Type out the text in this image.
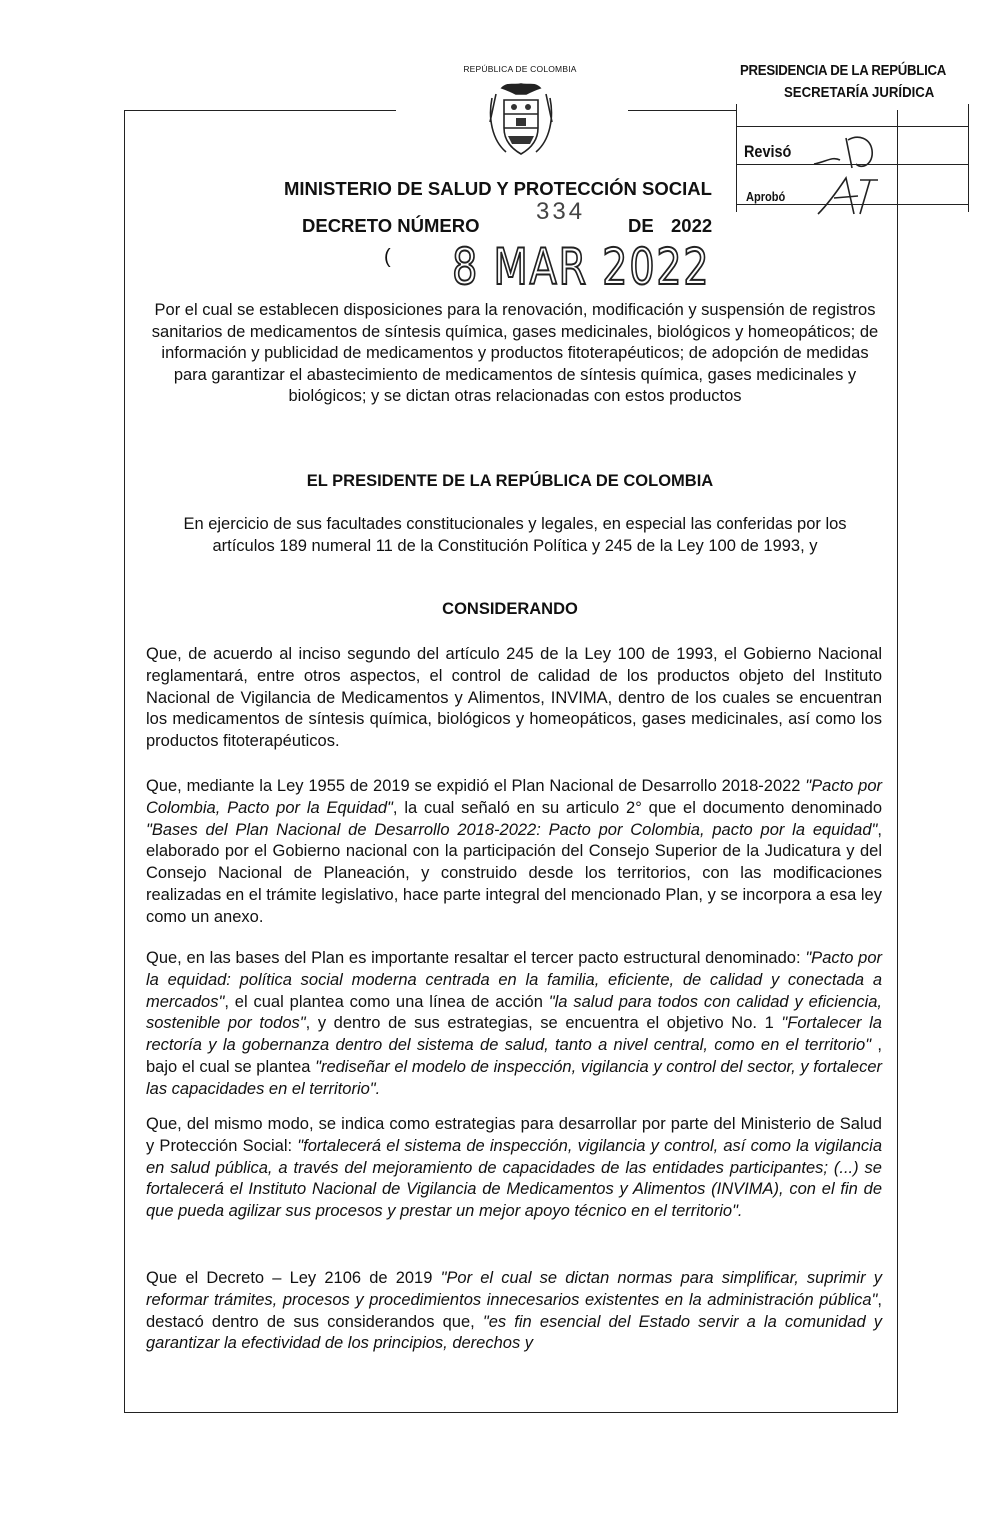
REPÚBLICA DE COLOMBIA	PRESIDENCIA DE LA REPÚBLICA
SECRETARÍA JURÍDICA
Revisó
Aprobó
MINISTERIO DE SALUD Y PROTECCIÓN SOCIAL
DECRETO NÚMERO
334
DE 2022
( 8 MAR 2022
Por el cual se establecen disposiciones para la renovación, modificación y suspensión de registros sanitarios de medicamentos de síntesis química, gases medicinales, biológicos y homeopáticos; de información y publicidad de medicamentos y productos fitoterapéuticos; de adopción de medidas para garantizar el abastecimiento de medicamentos de síntesis química, gases medicinales y biológicos; y se dictan otras relacionadas con estos productos
EL PRESIDENTE DE LA REPÚBLICA DE COLOMBIA
En ejercicio de sus facultades constitucionales y legales, en especial las conferidas por los artículos 189 numeral 11 de la Constitución Política y 245 de la Ley 100 de 1993, y
CONSIDERANDO
Que, de acuerdo al inciso segundo del artículo 245 de la Ley 100 de 1993, el Gobierno Nacional reglamentará, entre otros aspectos, el control de calidad de los productos objeto del Instituto Nacional de Vigilancia de Medicamentos y Alimentos, INVIMA, dentro de los cuales se encuentran los medicamentos de síntesis química, biológicos y homeopáticos, gases medicinales, así como los productos fitoterapéuticos.
Que, mediante la Ley 1955 de 2019 se expidió el Plan Nacional de Desarrollo 2018-2022 "Pacto por Colombia, Pacto por la Equidad", la cual señaló en su articulo 2° que el documento denominado "Bases del Plan Nacional de Desarrollo 2018-2022: Pacto por Colombia, pacto por la equidad", elaborado por el Gobierno nacional con la participación del Consejo Superior de la Judicatura y del Consejo Nacional de Planeación, y construido desde los territorios, con las modificaciones realizadas en el trámite legislativo, hace parte integral del mencionado Plan, y se incorpora a esa ley como un anexo.
Que, en las bases del Plan es importante resaltar el tercer pacto estructural denominado: "Pacto por la equidad: política social moderna centrada en la familia, eficiente, de calidad y conectada a mercados", el cual plantea como una línea de acción "la salud para todos con calidad y eficiencia, sostenible por todos", y dentro de sus estrategias, se encuentra el objetivo No. 1 "Fortalecer la rectoría y la gobernanza dentro del sistema de salud, tanto a nivel central, como en el territorio" , bajo el cual se plantea "rediseñar el modelo de inspección, vigilancia y control del sector, y fortalecer las capacidades en el territorio".
Que, del mismo modo, se indica como estrategias para desarrollar por parte del Ministerio de Salud y Protección Social: "fortalecerá el sistema de inspección, vigilancia y control, así como la vigilancia en salud pública, a través del mejoramiento de capacidades de las entidades participantes; (...) se fortalecerá el Instituto Nacional de Vigilancia de Medicamentos y Alimentos (INVIMA), con el fin de que pueda agilizar sus procesos y prestar un mejor apoyo técnico en el territorio".
Que el Decreto – Ley 2106 de 2019 "Por el cual se dictan normas para simplificar, suprimir y reformar trámites, procesos y procedimientos innecesarios existentes en la administración pública", destacó dentro de sus considerandos que, "es fin esencial del Estado servir a la comunidad y garantizar la efectividad de los principios, derechos y
